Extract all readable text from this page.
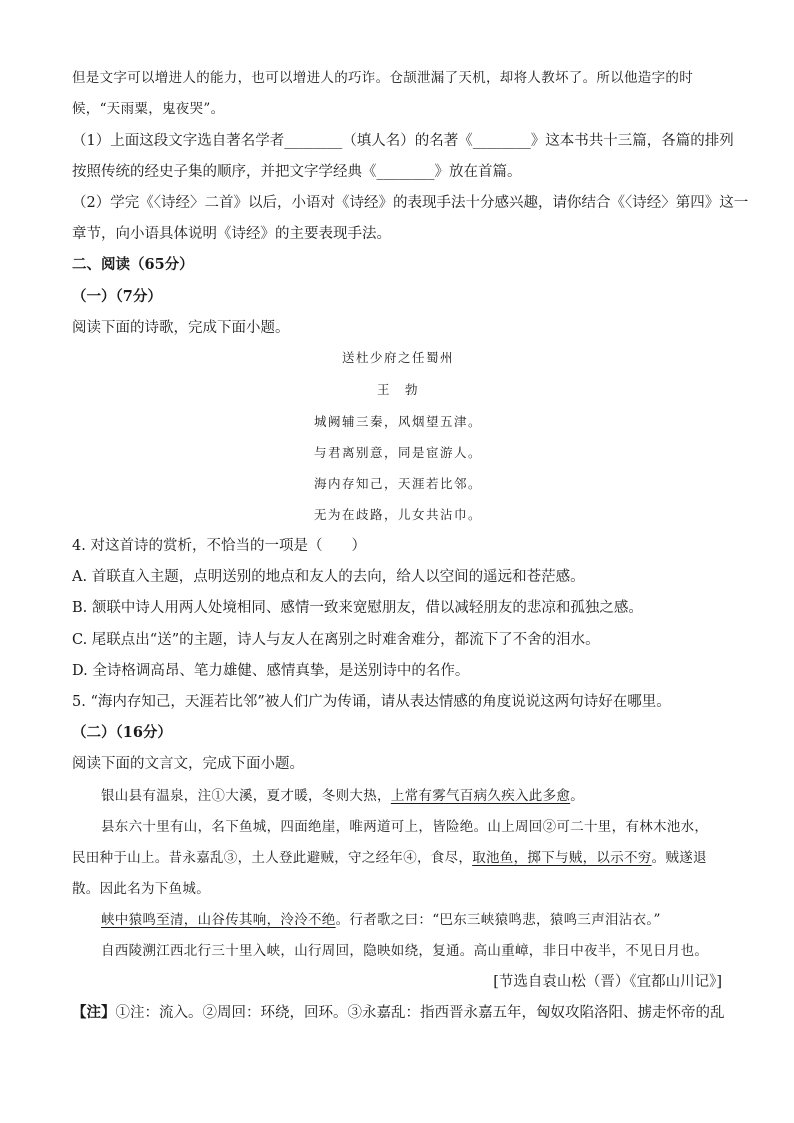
但是文字可以增进人的能力，也可以增进人的巧诈。仓颉泄漏了天机，却将人教坏了。所以他造字的时
候，“天雨粟，鬼夜哭”。
（1）上面这段文字选自著名学者________（填人名）的名著《________》这本书共十三篇，各篇的排列
按照传统的经史子集的顺序，并把文字学经典《________》放在首篇。
（2）学完《〈诗经〉二首》以后，小语对《诗经》的表现手法十分感兴趣，请你结合《〈诗经〉第四》这一
章节，向小语具体说明《诗经》的主要表现手法。
二、阅读（65分）
（一）（7分）
阅读下面的诗歌，完成下面小题。
送杜少府之任蜀州
王　勃
城阙辅三秦，风烟望五津。
与君离别意，同是宦游人。
海内存知己，天涯若比邻。
无为在歧路，儿女共沾巾。
4. 对这首诗的赏析，不恰当的一项是（　　）
A. 首联直入主题，点明送别的地点和友人的去向，给人以空间的遥远和苍茫感。
B. 颔联中诗人用两人处境相同、感情一致来宽慰朋友，借以减轻朋友的悲凉和孤独之感。
C. 尾联点出“送”的主题，诗人与友人在离别之时难舍难分，都流下了不舍的泪水。
D. 全诗格调高昂、笔力雄健、感情真挚，是送别诗中的名作。
5. “海内存知己，天涯若比邻”被人们广为传诵，请从表达情感的角度说说这两句诗好在哪里。
（二）（16分）
阅读下面的文言文，完成下面小题。
银山县有温泉，注①大溪，夏才暖，冬则大热，上常有雾气百病久疾入此多愈。
县东六十里有山，名下鱼城，四面绝崖，唯两道可上，皆险绝。山上周回②可二十里，有林木池水，
民田种于山上。昔永嘉乱③，土人登此避贼，守之经年④，食尽，取池鱼，掷下与贼，以示不穷。贼遂退
散。因此名为下鱼城。
峡中猿鸣至清，山谷传其响，泠泠不绝。行者歌之曰：“巴东三峡猿鸣悲，猿鸣三声泪沾衣。”
自西陵溯江西北行三十里入峡，山行周回，隐映如绕，复通。高山重嶂，非日中夜半，不见日月也。
[节选自袁山松（晋）《宜都山川记》]
【注】①注：流入。②周回：环绕，回环。③永嘉乱：指西晋永嘉五年，匈奴攻陷洛阳、掳走怀帝的乱
